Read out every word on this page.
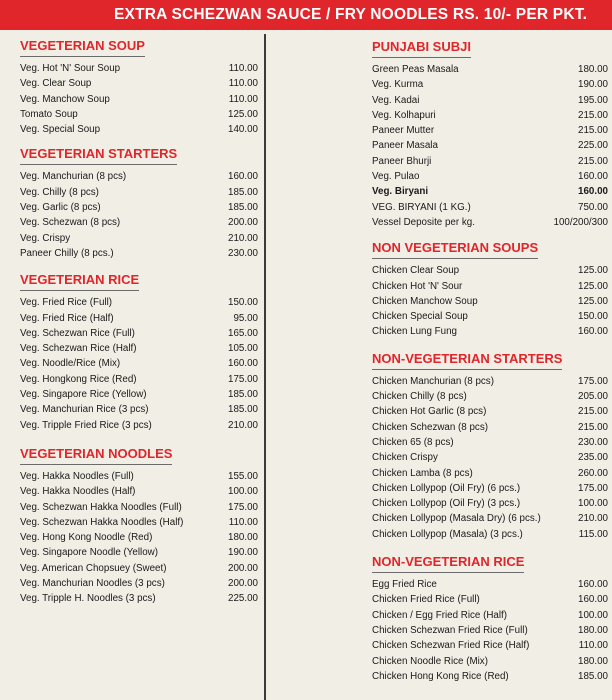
EXTRA SCHEZWAN SAUCE / FRY NOODLES RS. 10/- PER PKT.
VEGETERIAN SOUP
Veg. Hot 'N' Sour Soup	110.00
Veg. Clear Soup	110.00
Veg. Manchow Soup	110.00
Tomato Soup	125.00
Veg. Special Soup	140.00
VEGETERIAN STARTERS
Veg. Manchurian (8 pcs)	160.00
Veg. Chilly (8 pcs)	185.00
Veg. Garlic (8 pcs)	185.00
Veg. Schezwan (8 pcs)	200.00
Veg. Crispy	210.00
Paneer Chilly (8 pcs.)	230.00
VEGETERIAN RICE
Veg. Fried Rice (Full)	150.00
Veg. Fried Rice (Half)	95.00
Veg. Schezwan Rice (Full)	165.00
Veg. Schezwan Rice (Half)	105.00
Veg. Noodle/Rice (Mix)	160.00
Veg. Hongkong Rice (Red)	175.00
Veg. Singapore Rice (Yellow)	185.00
Veg. Manchurian Rice (3 pcs)	185.00
Veg. Tripple Fried Rice (3 pcs)	210.00
VEGETERIAN NOODLES
Veg. Hakka Noodles (Full)	155.00
Veg. Hakka Noodles (Half)	100.00
Veg. Schezwan Hakka Noodles (Full)	175.00
Veg. Schezwan Hakka Noodles (Half)	110.00
Veg. Hong Kong Noodle (Red)	180.00
Veg. Singapore Noodle (Yellow)	190.00
Veg. American Chopsuey (Sweet)	200.00
Veg. Manchurian Noodles (3 pcs)	200.00
Veg. Tripple H. Noodles (3 pcs)	225.00
PUNJABI SUBJI
Green Peas Masala	180.00
Veg. Kurma	190.00
Veg. Kadai	195.00
Veg. Kolhapuri	215.00
Paneer Mutter	215.00
Paneer Masala	225.00
Paneer Bhurji	215.00
Veg. Pulao	160.00
Veg. Biryani	160.00
VEG. BIRYANI (1 KG.)	750.00
Vessel Deposite per kg.	100/200/300
NON VEGETERIAN SOUPS
Chicken Clear Soup	125.00
Chicken Hot 'N' Sour	125.00
Chicken Manchow Soup	125.00
Chicken Special Soup	150.00
Chicken Lung Fung	160.00
NON-VEGETERIAN STARTERS
Chicken Manchurian (8 pcs)	175.00
Chicken Chilly (8 pcs)	205.00
Chicken Hot Garlic (8 pcs)	215.00
Chicken Schezwan (8 pcs)	215.00
Chicken 65 (8 pcs)	230.00
Chicken Crispy	235.00
Chicken Lamba (8 pcs)	260.00
Chicken Lollypop (Oil Fry) (6 pcs.)	175.00
Chicken Lollypop (Oil Fry) (3 pcs.)	100.00
Chicken Lollypop (Masala Dry) (6 pcs.)	210.00
Chicken Lollypop (Masala) (3 pcs.)	115.00
NON-VEGETERIAN RICE
Egg Fried Rice	160.00
Chicken Fried Rice (Full)	160.00
Chicken / Egg Fried Rice (Half)	100.00
Chicken Schezwan Fried Rice (Full)	180.00
Chicken Schezwan Fried Rice (Half)	110.00
Chicken Noodle Rice (Mix)	180.00
Chicken Hong Kong Rice (Red)	185.00
